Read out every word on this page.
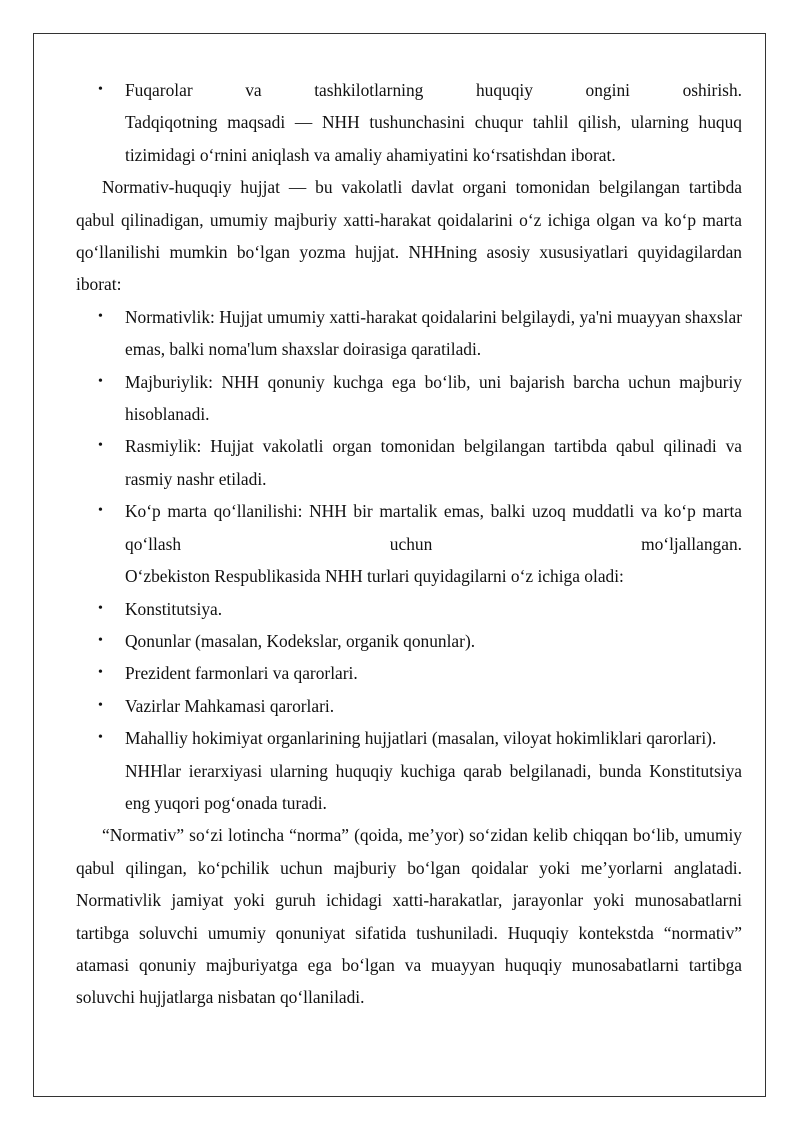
• Fuqarolar va tashkilotlarning huquqiy ongini oshirish.
Tadqiqotning maqsadi — NHH tushunchasini chuqur tahlil qilish, ularning huquq tizimidagi oʻrnini aniqlash va amaliy ahamiyatini koʻrsatishdan iborat.

Normativ-huquqiy hujjat — bu vakolatli davlat organi tomonidan belgilangan tartibda qabul qilinadigan, umumiy majburiy xatti-harakat qoidalarini oʻz ichiga olgan va koʻp marta qoʻllanilishi mumkin boʻlgan yozma hujjat. NHHning asosiy xususiyatlari quyidagilardan iborat:

• Normativlik: Hujjat umumiy xatti-harakat qoidalarini belgilaydi, ya'ni muayyan shaxslar emas, balki noma'lum shaxslar doirasiga qaratiladi.
• Majburiylik: NHH qonuniy kuchga ega boʻlib, uni bajarish barcha uchun majburiy hisoblanadi.
• Rasmiylik: Hujjat vakolatli organ tomonidan belgilangan tartibda qabul qilinadi va rasmiy nashr etiladi.
• Koʻp marta qoʻllanilishi: NHH bir martalik emas, balki uzoq muddatli va koʻp marta qoʻllash uchun moʻljallangan.
Oʻzbekiston Respublikasida NHH turlari quyidagilarni oʻz ichiga oladi:
• Konstitutsiya.
• Qonunlar (masalan, Kodekslar, organik qonunlar).
• Prezident farmonlari va qarorlari.
• Vazirlar Mahkamasi qarorlari.
• Mahalliy hokimiyat organlarining hujjatlari (masalan, viloyat hokimliklari qarorlari).
NHHlar ierarxiyasi ularning huquqiy kuchiga qarab belgilanadi, bunda Konstitutsiya eng yuqori pogʻonada turadi.

“Normativ” soʻzi lotincha “norma” (qoida, me’yor) soʻzidan kelib chiqqan boʻlib, umumiy qabul qilingan, koʻpchilik uchun majburiy boʻlgan qoidalar yoki me’yorlarni anglatadi. Normativlik jamiyat yoki guruh ichidagi xatti-harakatlar, jarayonlar yoki munosabatlarni tartibga soluvchi umumiy qonuniyat sifatida tushuniladi. Huquqiy kontekstda “normativ” atamasi qonuniy majburiyatga ega boʻlgan va muayyan huquqiy munosabatlarni tartibga soluvchi hujjatlarga nisbatan qoʻllaniladi.
